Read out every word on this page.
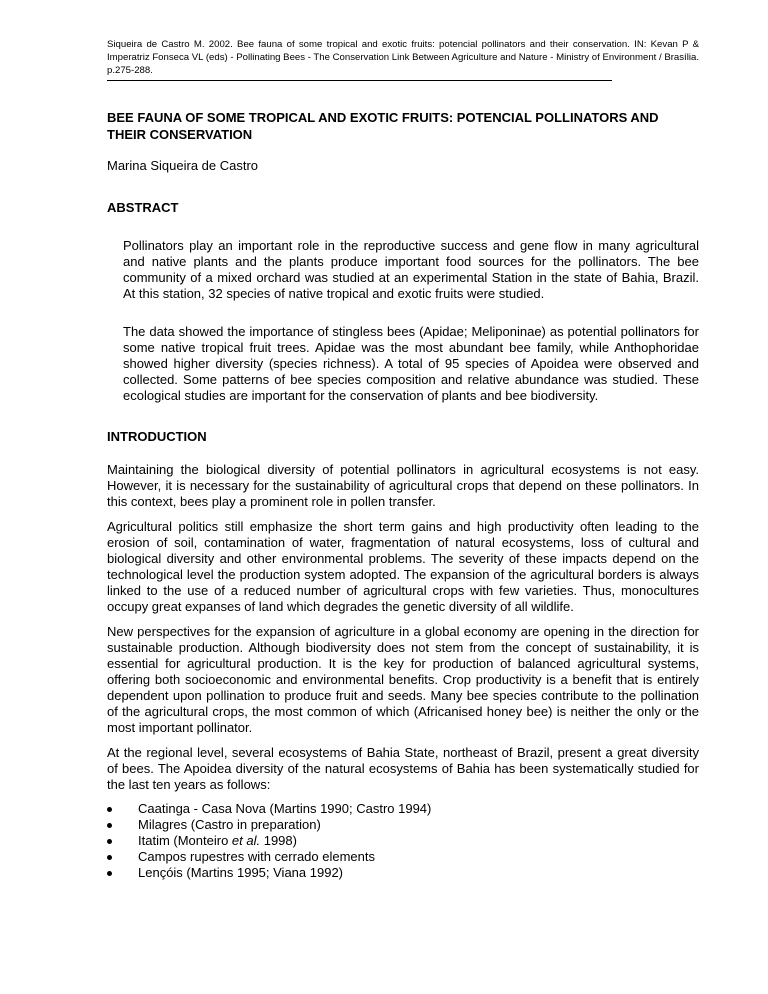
Siqueira de Castro M. 2002. Bee fauna of some tropical and exotic fruits: potencial pollinators and their conservation. IN: Kevan P & Imperatriz Fonseca VL (eds) - Pollinating Bees - The Conservation Link Between Agriculture and Nature - Ministry of Environment / Brasília. p.275-288.

BEE FAUNA OF SOME TROPICAL AND EXOTIC FRUITS: POTENCIAL POLLINATORS AND THEIR CONSERVATION

Marina Siqueira de Castro

ABSTRACT

Pollinators play an important role in the reproductive success and gene flow in many agricultural and native plants and the plants produce important food sources for the pollinators. The bee community of a mixed orchard was studied at an experimental Station in the state of Bahia, Brazil. At this station, 32 species of native tropical and exotic fruits were studied.

The data showed the importance of stingless bees (Apidae; Meliponinae) as potential pollinators for some native tropical fruit trees. Apidae was the most abundant bee family, while Anthophoridae showed higher diversity (species richness). A total of 95 species of Apoidea were observed and collected. Some patterns of bee species composition and relative abundance was studied. These ecological studies are important for the conservation of plants and bee biodiversity.

INTRODUCTION

Maintaining the biological diversity of potential pollinators in agricultural ecosystems is not easy. However, it is necessary for the sustainability of agricultural crops that depend on these pollinators. In this context, bees play a prominent role in pollen transfer.

Agricultural politics still emphasize the short term gains and high productivity often leading to the erosion of soil, contamination of water, fragmentation of natural ecosystems, loss of cultural and biological diversity and other environmental problems. The severity of these impacts depend on the technological level the production system adopted. The expansion of the agricultural borders is always linked to the use of a reduced number of agricultural crops with few varieties. Thus, monocultures occupy great expanses of land which degrades the genetic diversity of all wildlife.

New perspectives for the expansion of agriculture in a global economy are opening in the direction for sustainable production. Although biodiversity does not stem from the concept of sustainability, it is essential for agricultural production. It is the key for production of balanced agricultural systems, offering both socioeconomic and environmental benefits. Crop productivity is a benefit that is entirely dependent upon pollination to produce fruit and seeds. Many bee species contribute to the pollination of the agricultural crops, the most common of which (Africanised honey bee) is neither the only or the most important pollinator.

At the regional level, several ecosystems of Bahia State, northeast of Brazil, present a great diversity of bees. The Apoidea diversity of the natural ecosystems of Bahia has been systematically studied for the last ten years as follows:

Caatinga - Casa Nova (Martins 1990; Castro 1994)
Milagres (Castro in preparation)
Itatim (Monteiro et al. 1998)
Campos rupestres with cerrado elements
Lençóis (Martins 1995; Viana 1992)
